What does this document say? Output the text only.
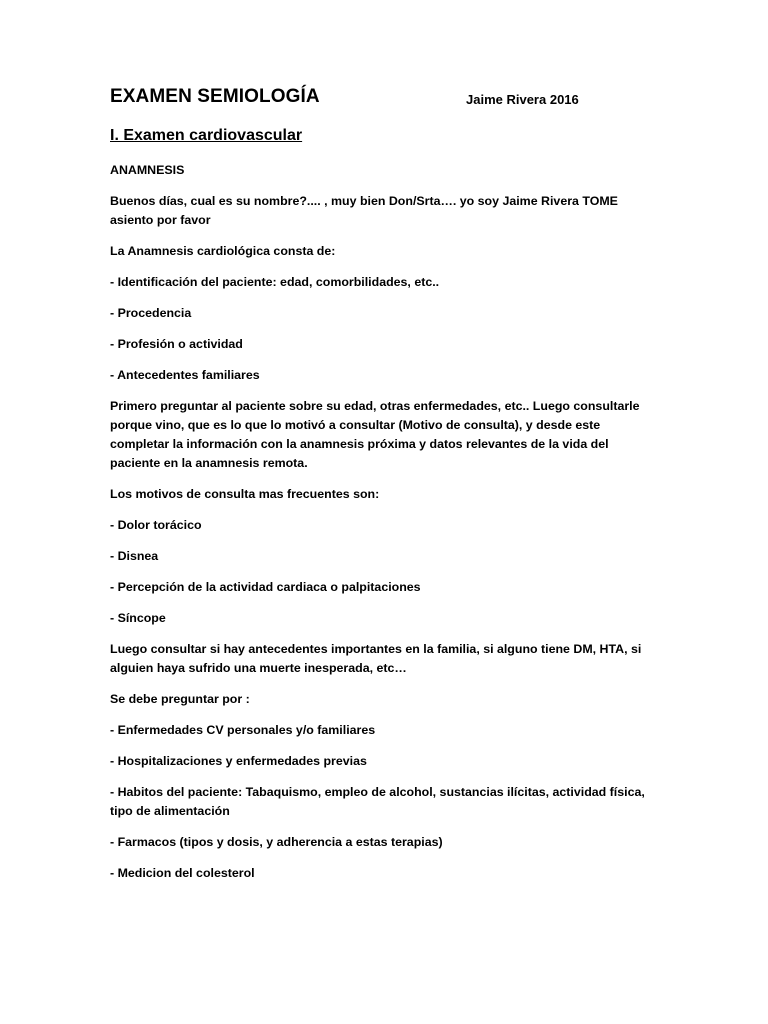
EXAMEN SEMIOLOGÍA	Jaime Rivera 2016
I. Examen cardiovascular

ANAMNESIS

Buenos días, cual es su nombre?.... , muy bien Don/Srta…. yo soy Jaime Rivera TOME asiento por favor

La Anamnesis cardiológica consta de:

- Identificación del paciente: edad, comorbilidades, etc..

- Procedencia

- Profesión o actividad

- Antecedentes familiares

Primero preguntar al paciente sobre su edad, otras enfermedades, etc.. Luego consultarle porque vino, que es lo que lo motivó a consultar (Motivo de consulta), y desde este completar la información con la anamnesis próxima y datos relevantes de la vida del paciente en la anamnesis remota.

Los motivos de consulta mas frecuentes son:

- Dolor torácico

- Disnea

- Percepción de la actividad cardiaca o palpitaciones

- Síncope

Luego consultar si hay antecedentes importantes en la familia, si alguno tiene DM, HTA, si alguien haya sufrido una muerte inesperada, etc…

Se debe preguntar por :

- Enfermedades CV personales y/o familiares

- Hospitalizaciones y enfermedades previas

- Habitos del paciente: Tabaquismo, empleo de alcohol, sustancias ilícitas, actividad física, tipo de alimentación

- Farmacos (tipos y dosis, y adherencia a estas terapias)

- Medicion del colesterol
